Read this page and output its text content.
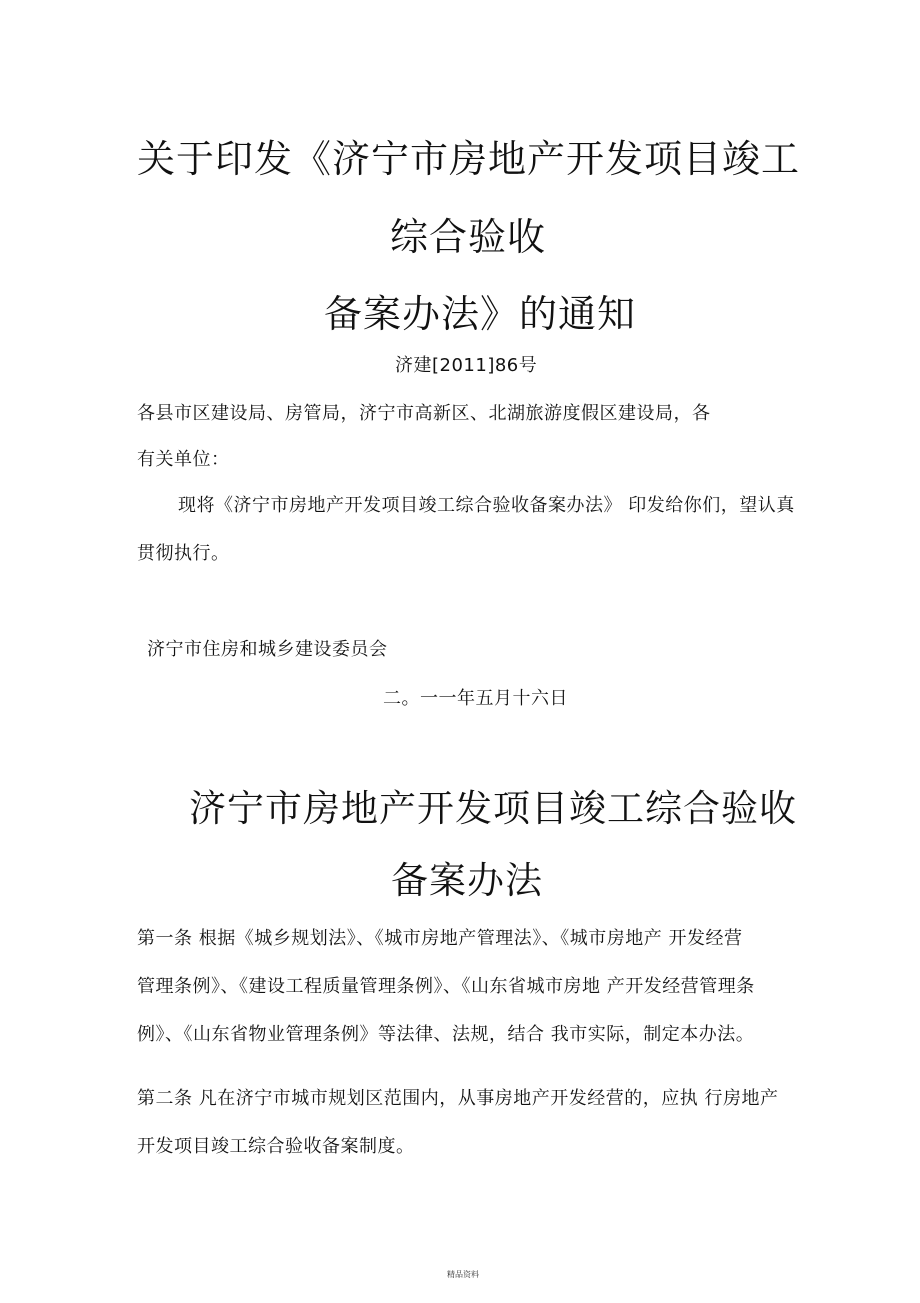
关于印发《济宁市房地产开发项目竣工
综合验收
备案办法》的通知
济建[2011]86号
各县市区建设局、房管局，济宁市高新区、北湖旅游度假区建设局，各
有关单位：
现将《济宁市房地产开发项目竣工综合验收备案办法》 印发给你们，望认真
贯彻执行。
济宁市住房和城乡建设委员会
二。一一年五月十六日
济宁市房地产开发项目竣工综合验收
备案办法
第一条 根据《城乡规划法》、《城市房地产管理法》、《城市房地产 开发经营
管理条例》、《建设工程质量管理条例》、《山东省城市房地 产开发经营管理条
例》、《山东省物业管理条例》等法律、法规，结合 我市实际，制定本办法。
第二条 凡在济宁市城市规划区范围内，从事房地产开发经营的，应执 行房地产
开发项目竣工综合验收备案制度。
精品资料
